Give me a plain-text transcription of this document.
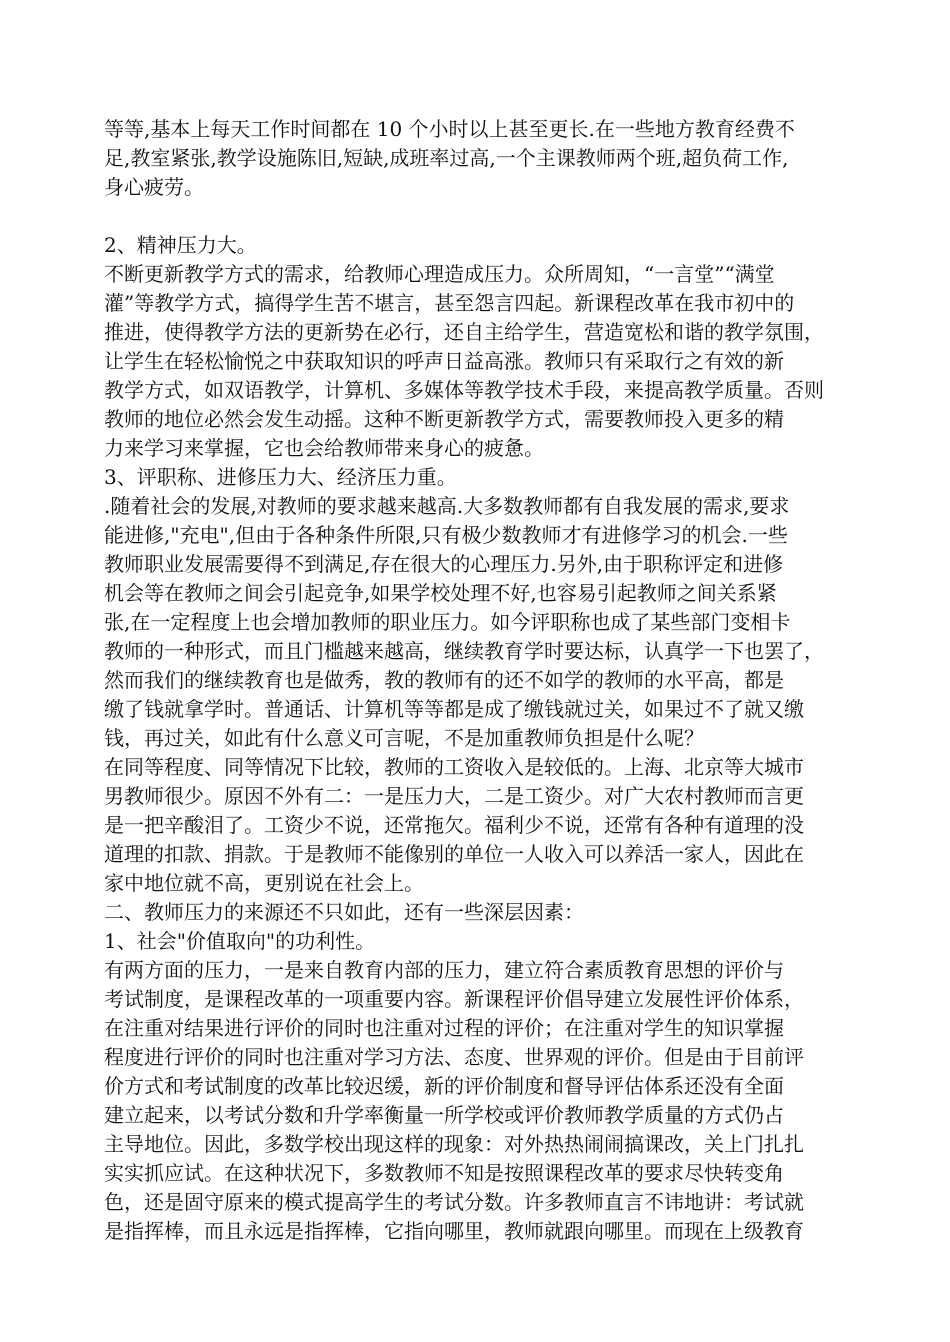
等等,基本上每天工作时间都在 10 个小时以上甚至更长.在一些地方教育经费不
足,教室紧张,教学设施陈旧,短缺,成班率过高,一个主课教师两个班,超负荷工作,
身心疲劳。
2、精神压力大。
不断更新教学方式的需求，给教师心理造成压力。众所周知，“一言堂”“满堂
灌”等教学方式，搞得学生苦不堪言，甚至怨言四起。新课程改革在我市初中的
推进，使得教学方法的更新势在必行，还自主给学生，营造宽松和谐的教学氛围，
让学生在轻松愉悦之中获取知识的呼声日益高涨。教师只有采取行之有效的新
教学方式，如双语教学，计算机、多媒体等教学技术手段，来提高教学质量。否则
教师的地位必然会发生动摇。这种不断更新教学方式，需要教师投入更多的精
力来学习来掌握，它也会给教师带来身心的疲惫。
3、评职称、进修压力大、经济压力重。
.随着社会的发展,对教师的要求越来越高.大多数教师都有自我发展的需求,要求
能进修,"充电",但由于各种条件所限,只有极少数教师才有进修学习的机会.一些
教师职业发展需要得不到满足,存在很大的心理压力.另外,由于职称评定和进修
机会等在教师之间会引起竞争,如果学校处理不好,也容易引起教师之间关系紧
张,在一定程度上也会增加教师的职业压力。如今评职称也成了某些部门变相卡
教师的一种形式，而且门槛越来越高，继续教育学时要达标，认真学一下也罢了，
然而我们的继续教育也是做秀，教的教师有的还不如学的教师的水平高，都是
缴了钱就拿学时。普通话、计算机等等都是成了缴钱就过关，如果过不了就又缴
钱，再过关，如此有什么意义可言呢，不是加重教师负担是什么呢？
在同等程度、同等情况下比较，教师的工资收入是较低的。上海、北京等大城市
男教师很少。原因不外有二：一是压力大，二是工资少。对广大农村教师而言更
是一把辛酸泪了。工资少不说，还常拖欠。福利少不说，还常有各种有道理的没
道理的扣款、捐款。于是教师不能像别的单位一人收入可以养活一家人，因此在
家中地位就不高，更别说在社会上。
二、教师压力的来源还不只如此，还有一些深层因素：
1、社会"价值取向"的功利性。
有两方面的压力，一是来自教育内部的压力，建立符合素质教育思想的评价与
考试制度，是课程改革的一项重要内容。新课程评价倡导建立发展性评价体系，
在注重对结果进行评价的同时也注重对过程的评价；在注重对学生的知识掌握
程度进行评价的同时也注重对学习方法、态度、世界观的评价。但是由于目前评
价方式和考试制度的改革比较迟缓，新的评价制度和督导评估体系还没有全面
建立起来，以考试分数和升学率衡量一所学校或评价教师教学质量的方式仍占
主导地位。因此，多数学校出现这样的现象：对外热热闹闹搞课改，关上门扎扎
实实抓应试。在这种状况下，多数教师不知是按照课程改革的要求尽快转变角
色，还是固守原来的模式提高学生的考试分数。许多教师直言不讳地讲：考试就
是指挥棒，而且永远是指挥棒，它指向哪里，教师就跟向哪里。而现在上级教育
